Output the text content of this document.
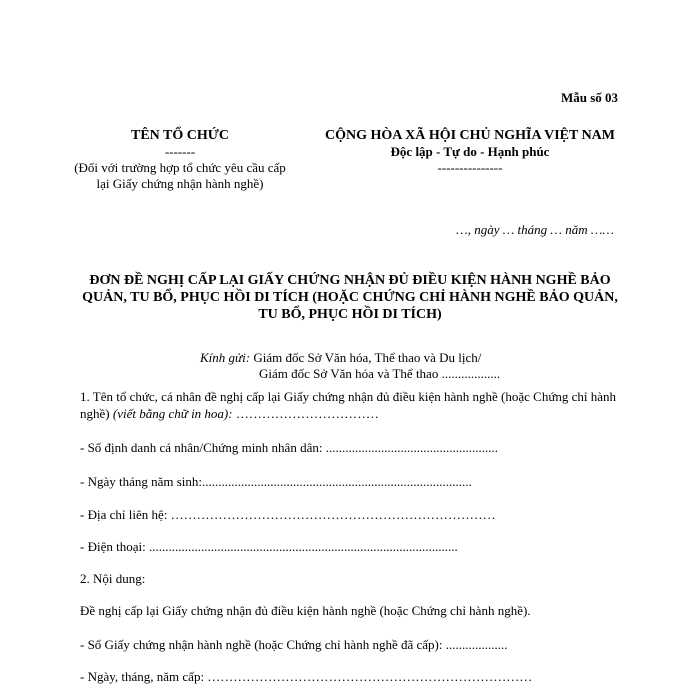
Mẫu số 03
TÊN TỔ CHỨC
-------
(Đối với trường hợp tổ chức yêu cầu cấp lại Giấy chứng nhận hành nghề)
CỘNG HÒA XÃ HỘI CHỦ NGHĨA VIỆT NAM
Độc lập - Tự do - Hạnh phúc
---------------
…, ngày … tháng … năm ……
ĐƠN ĐỀ NGHỊ CẤP LẠI GIẤY CHỨNG NHẬN ĐỦ ĐIỀU KIỆN HÀNH NGHỀ BẢO QUẢN, TU BỔ, PHỤC HỒI DI TÍCH (HOẶC CHỨNG CHỈ HÀNH NGHỀ BẢO QUẢN, TU BỔ, PHỤC HỒI DI TÍCH)
Kính gửi: Giám đốc Sở Văn hóa, Thể thao và Du lịch/
Giám đốc Sở Văn hóa và Thể thao ..................
1. Tên tổ chức, cá nhân đề nghị cấp lại Giấy chứng nhận đủ điều kiện hành nghề (hoặc Chứng chỉ hành nghề) (viết bằng chữ in hoa): ……………………………
- Số định danh cá nhân/Chứng minh nhân dân: .....................................................
- Ngày tháng năm sinh:...................................................................................
- Địa chỉ liên hệ: …………………………………………………………………
- Điện thoại: ...............................................................................................
2. Nội dung:
Đề nghị cấp lại Giấy chứng nhận đủ điều kiện hành nghề (hoặc Chứng chỉ hành nghề).
- Số Giấy chứng nhận hành nghề (hoặc Chứng chỉ hành nghề đã cấp): ...................
- Ngày, tháng, năm cấp: …………………………………………………………………
